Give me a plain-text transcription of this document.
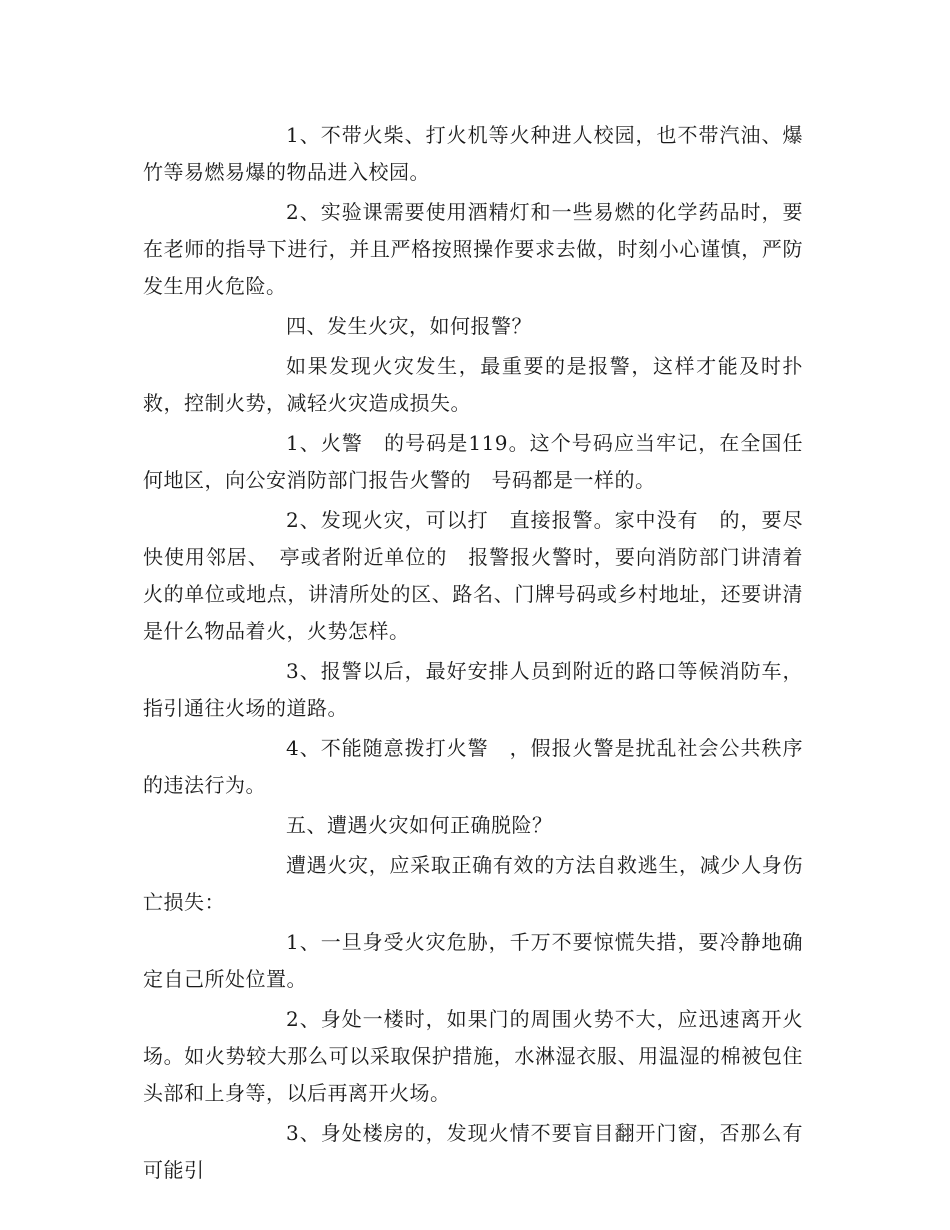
1、不带火柴、打火机等火种进人校园，也不带汽油、爆竹等易燃易爆的物品进入校园。

2、实验课需要使用酒精灯和一些易燃的化学药品时，要在老师的指导下进行，并且严格按照操作要求去做，时刻小心谨慎，严防发生用火危险。

四、发生火灾，如何报警？

如果发现火灾发生，最重要的是报警，这样才能及时扑救，控制火势，减轻火灾造成损失。

1、火警　的号码是119。这个号码应当牢记，在全国任何地区，向公安消防部门报告火警的　号码都是一样的。

2、发现火灾，可以打　直接报警。家中没有　的，要尽快使用邻居、　亭或者附近单位的　报警报火警时，要向消防部门讲清着火的单位或地点，讲清所处的区、路名、门牌号码或乡村地址，还要讲清是什么物品着火，火势怎样。

3、报警以后，最好安排人员到附近的路口等候消防车，指引通往火场的道路。

4、不能随意拨打火警　，假报火警是扰乱社会公共秩序的违法行为。

五、遭遇火灾如何正确脱险？

遭遇火灾，应采取正确有效的方法自救逃生，减少人身伤亡损失：

1、一旦身受火灾危胁，千万不要惊慌失措，要冷静地确定自己所处位置。

2、身处一楼时，如果门的周围火势不大，应迅速离开火场。如火势较大那么可以采取保护措施，水淋湿衣服、用温湿的棉被包住头部和上身等，以后再离开火场。

3、身处楼房的，发现火情不要盲目翻开门窗，否那么有可能引
